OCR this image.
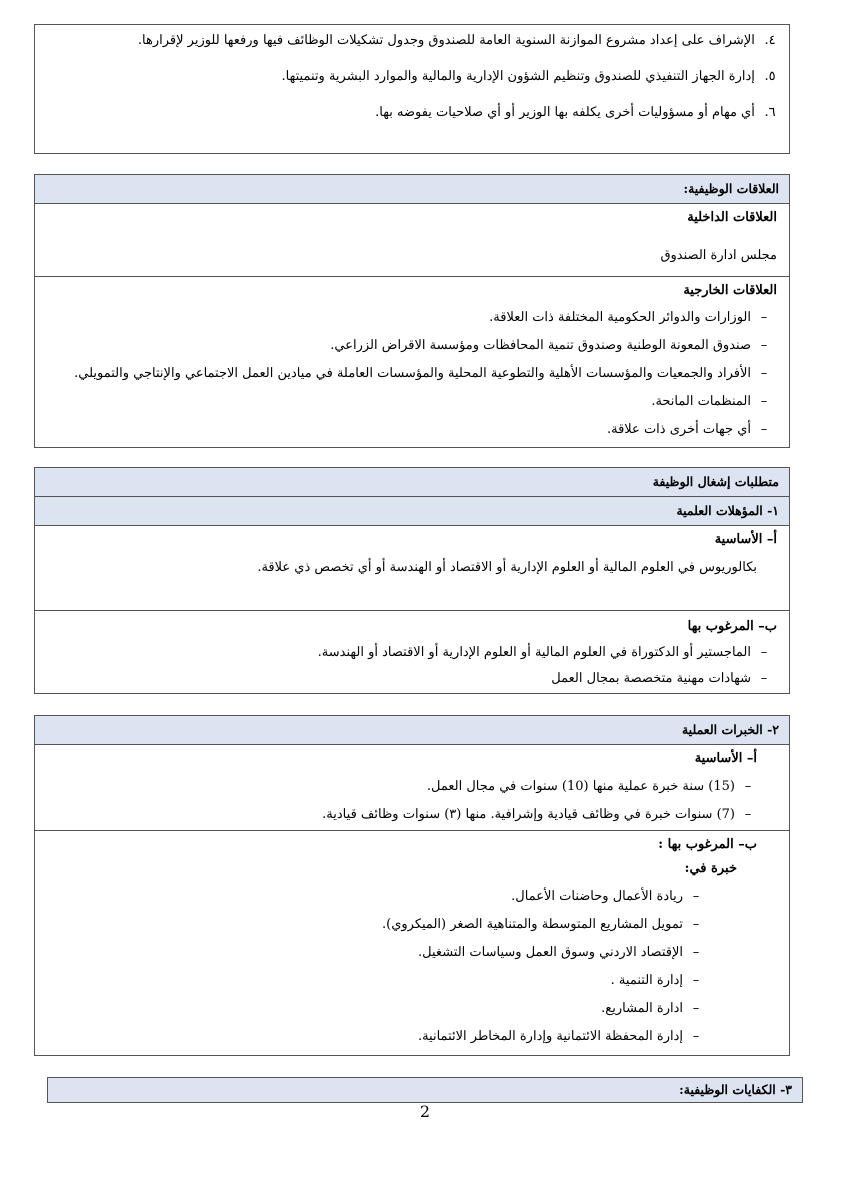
٤. الإشراف على إعداد مشروع الموازنة السنوية العامة للصندوق وجدول تشكيلات الوظائف فيها ورفعها للوزير لإقرارها.
٥. إدارة الجهاز التنفيذي للصندوق وتنظيم الشؤون الإدارية والمالية والموارد البشرية وتنميتها.
٦. أي مهام أو مسؤوليات أخرى يكلفه بها الوزير أو أي صلاحيات يفوضه بها.
العلاقات الوظيفية:
العلاقات الداخلية
مجلس ادارة الصندوق
العلاقات الخارجية
–الوزارات والدوائر الحكومية المختلفة ذات العلاقة.
–صندوق المعونة الوطنية وصندوق تنمية المحافظات ومؤسسة الاقراض الزراعي.
–الأفراد والجمعيات والمؤسسات الأهلية والتطوعية المحلية والمؤسسات العاملة في ميادين العمل الاجتماعي والإنتاجي والتمويلي.
–المنظمات المانحة.
–أي جهات أخرى ذات علاقة.
متطلبات إشغال الوظيفة
١- المؤهلات العلمية
أ– الأساسية
بكالوريوس في العلوم المالية أو العلوم الإدارية أو الاقتصاد أو الهندسة أو أي تخصص ذي علاقة.
ب– المرغوب بها
–الماجستير أو الدكتوراة في العلوم المالية أو العلوم الإدارية أو الاقتصاد أو الهندسة.
–شهادات مهنية متخصصة بمجال العمل
٢- الخبرات العملية
أ– الأساسية
–(15) سنة خبرة عملية منها (10) سنوات في مجال العمل.
–(7) سنوات خبرة في وظائف قيادية وإشرافية. منها (٣) سنوات وظائف قيادية.
ب– المرغوب بها :
خبرة في:
–ريادة الأعمال وحاضنات الأعمال.
–تمويل المشاريع المتوسطة والمتناهية الصغر (الميكروي).
–الإقتصاد الاردني وسوق العمل وسياسات التشغيل.
–إدارة التنمية .
–ادارة المشاريع.
–إدارة المحفظة الائتمانية وإدارة المخاطر الائتمانية.
٣- الكفايات الوظيفية:
2
